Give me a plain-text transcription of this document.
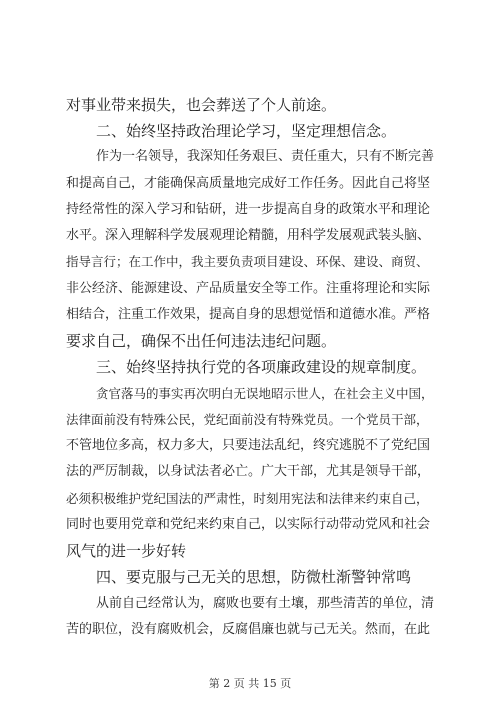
对事业带来损失，也会葬送了个人前途。
二、始终坚持政治理论学习，坚定理想信念。
作为一名领导，我深知任务艰巨、责任重大，只有不断完善
和提高自己，才能确保高质量地完成好工作任务。因此自己将坚
持经常性的深入学习和钻研，进一步提高自身的政策水平和理论
水平。深入理解科学发展观理论精髓，用科学发展观武装头脑、
指导言行；在工作中，我主要负责项目建设、环保、建设、商贸、
非公经济、能源建设、产品质量安全等工作。注重将理论和实际
相结合，注重工作效果，提高自身的思想觉悟和道德水准。严格
要求自己，确保不出任何违法违纪问题。
三、始终坚持执行党的各项廉政建设的规章制度。
贪官落马的事实再次明白无误地昭示世人，在社会主义中国，
法律面前没有特殊公民，党纪面前没有特殊党员。一个党员干部，
不管地位多高，权力多大，只要违法乱纪，终究逃脱不了党纪国
法的严厉制裁，以身试法者必亡。广大干部，尤其是领导干部，
必须积极维护党纪国法的严肃性，时刻用宪法和法律来约束自己，
同时也要用党章和党纪来约束自己，以实际行动带动党风和社会
风气的进一步好转
四、要克服与己无关的思想，防微杜渐警钟常鸣
从前自己经常认为，腐败也要有土壤，那些清苦的单位，清
苦的职位，没有腐败机会，反腐倡廉也就与己无关。然而，在此
第 2 页 共 15 页
